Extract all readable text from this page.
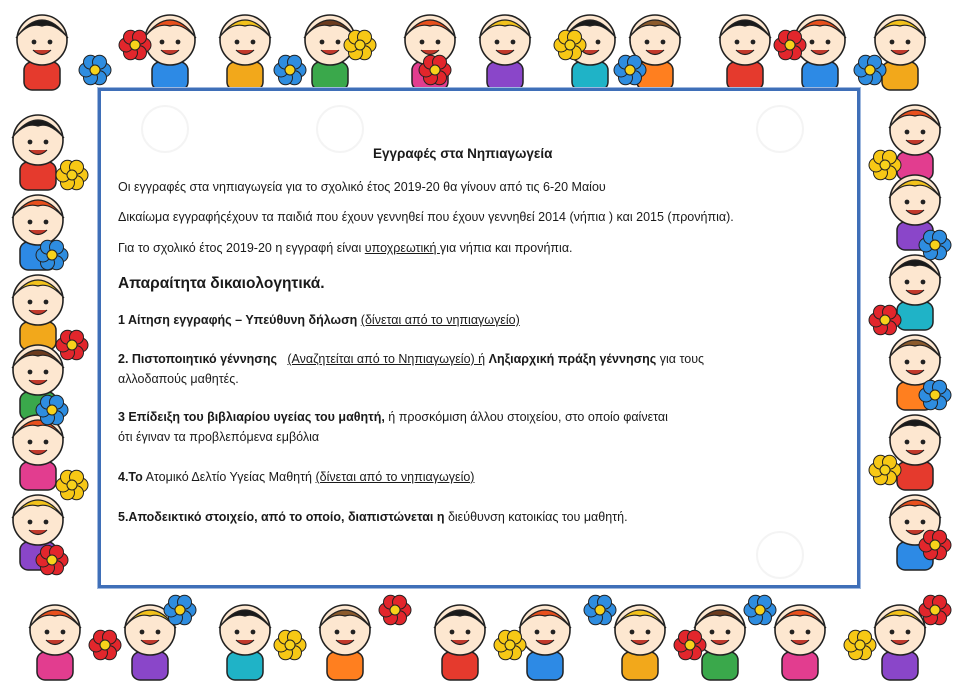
Εγγραφές στα Νηπιαγωγεία
Οι εγγραφές στα νηπιαγωγεία για το σχολικό έτος 2019-20 θα γίνουν από τις 6-20 Μαίου
Δικαίωμα εγγραφήςέχουν τα παιδιά που έχουν γεννηθεί που έχουν γεννηθεί 2014 (νήπια ) και 2015 (προνήπια).
Για το σχολικό έτος 2019-20 η εγγραφή είναι υποχρεωτική για νήπια και προνήπια.
Απαραίτητα δικαιολογητικά.
1 Αίτηση εγγραφής – Υπεύθυνη δήλωση (δίνεται από το νηπιαγωγείο)
2. Πιστοποιητικό γέννησης (Αναζητείται από το Νηπιαγωγείο) ή Ληξιαρχική πράξη γέννησης για τους
αλλοδαπούς μαθητές.
3 Επίδειξη του βιβλιαρίου υγείας του μαθητή, ή προσκόμιση άλλου στοιχείου, στο οποίο φαίνεται
ότι έγιναν τα προβλεπόμενα εμβόλια
4.Το Ατομικό Δελτίο Υγείας Μαθητή (δίνεται από το νηπιαγωγείο)
5.Αποδεικτικό στοιχείο, από το οποίο, διαπιστώνεται η διεύθυνση κατοικίας του μαθητή.
